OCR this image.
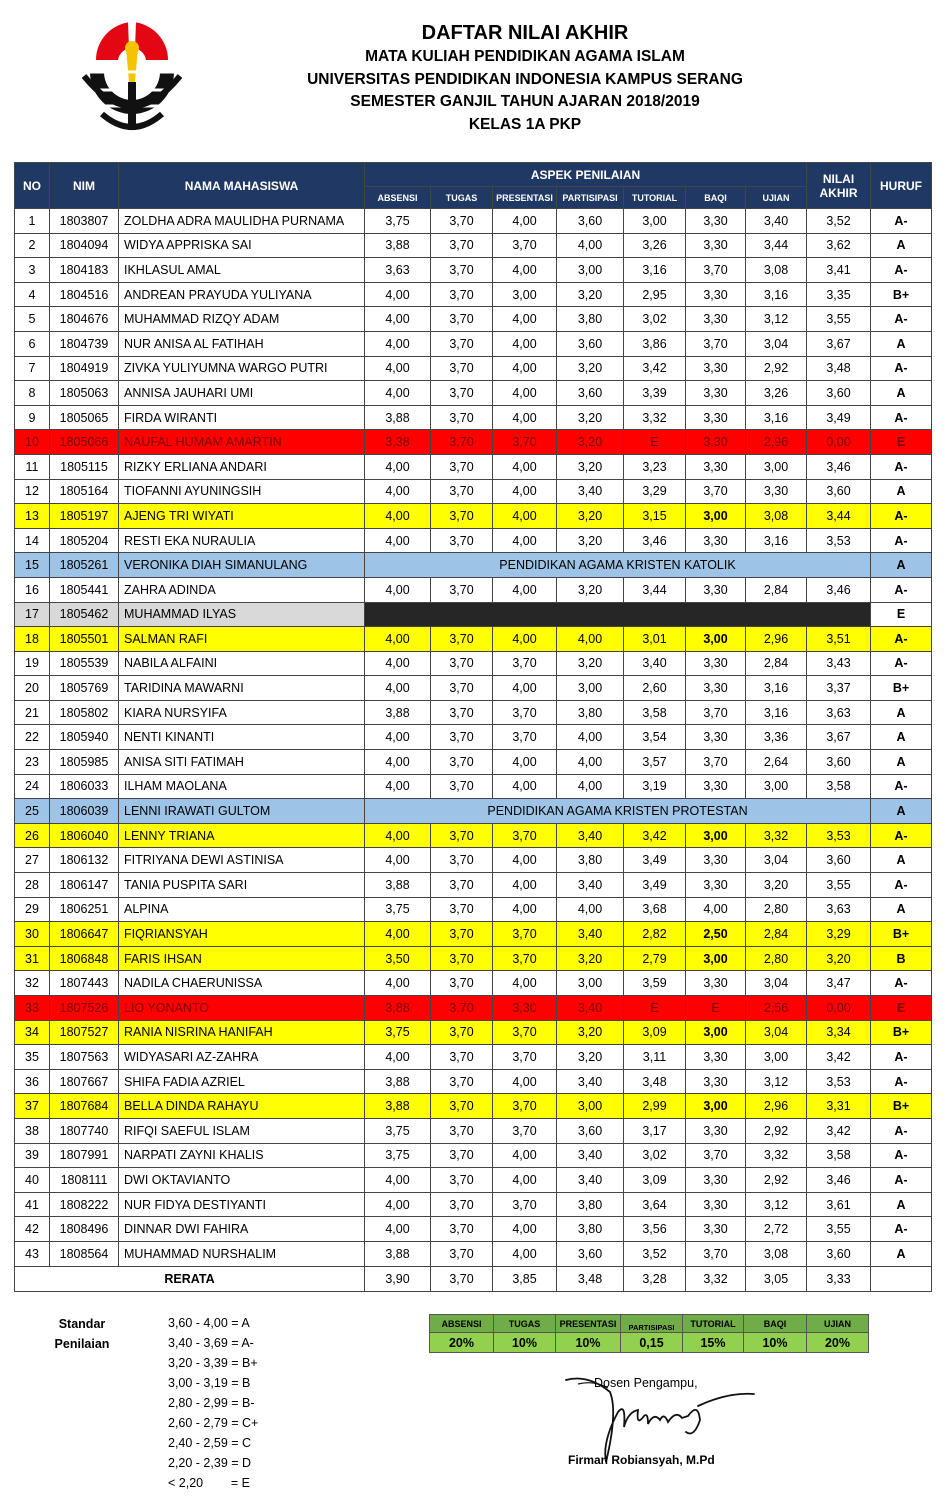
DAFTAR NILAI AKHIR
MATA KULIAH PENDIDIKAN AGAMA ISLAM
UNIVERSITAS PENDIDIKAN INDONESIA KAMPUS SERANG
SEMESTER GANJIL TAHUN AJARAN 2018/2019
KELAS 1A PKP
NO	NIM	NAMA MAHASISWA	ASPEK PENILAIAN							NILAI AKHIR	HURUF
			ABSENSI	TUGAS	PRESENTASI	PARTISIPASI	TUTORIAL	BAQI	UJIAN		
1	1803807	ZOLDHA ADRA MAULIDHA PURNAMA	3,75	3,70	4,00	3,60	3,00	3,30	3,40	3,52	A-
2	1804094	WIDYA APPRISKA SAI	3,88	3,70	3,70	4,00	3,26	3,30	3,44	3,62	A
3	1804183	IKHLASUL AMAL	3,63	3,70	4,00	3,00	3,16	3,70	3,08	3,41	A-
4	1804516	ANDREAN PRAYUDA YULIYANA	4,00	3,70	3,00	3,20	2,95	3,30	3,16	3,35	B+
5	1804676	MUHAMMAD RIZQY ADAM	4,00	3,70	4,00	3,80	3,02	3,30	3,12	3,55	A-
6	1804739	NUR ANISA AL FATIHAH	4,00	3,70	4,00	3,60	3,86	3,70	3,04	3,67	A
7	1804919	ZIVKA YULIYUMNA WARGO PUTRI	4,00	3,70	4,00	3,20	3,42	3,30	2,92	3,48	A-
8	1805063	ANNISA JAUHARI UMI	4,00	3,70	4,00	3,60	3,39	3,30	3,26	3,60	A
9	1805065	FIRDA WIRANTI	3,88	3,70	4,00	3,20	3,32	3,30	3,16	3,49	A-
10	1805066	NAUFAL HUMAM AMARTIN	3,38	3,70	3,70	3,20	E	3,30	2,96	0,00	E
11	1805115	RIZKY ERLIANA ANDARI	4,00	3,70	4,00	3,20	3,23	3,30	3,00	3,46	A-
12	1805164	TIOFANNI AYUNINGSIH	4,00	3,70	4,00	3,40	3,29	3,70	3,30	3,60	A
13	1805197	AJENG TRI WIYATI	4,00	3,70	4,00	3,20	3,15	3,00	3,08	3,44	A-
14	1805204	RESTI EKA NURAULIA	4,00	3,70	4,00	3,20	3,46	3,30	3,16	3,53	A-
15	1805261	VERONIKA DIAH SIMANULANG	PENDIDIKAN AGAMA KRISTEN KATOLIK								A
16	1805441	ZAHRA ADINDA	4,00	3,70	4,00	3,20	3,44	3,30	2,84	3,46	A-
17	1805462	MUHAMMAD ILYAS									E
18	1805501	SALMAN RAFI	4,00	3,70	4,00	4,00	3,01	3,00	2,96	3,51	A-
19	1805539	NABILA ALFAINI	4,00	3,70	3,70	3,20	3,40	3,30	2,84	3,43	A-
20	1805769	TARIDINA MAWARNI	4,00	3,70	4,00	3,00	2,60	3,30	3,16	3,37	B+
21	1805802	KIARA NURSYIFA	3,88	3,70	3,70	3,80	3,58	3,70	3,16	3,63	A
22	1805940	NENTI KINANTI	4,00	3,70	3,70	4,00	3,54	3,30	3,36	3,67	A
23	1805985	ANISA SITI FATIMAH	4,00	3,70	4,00	4,00	3,57	3,70	2,64	3,60	A
24	1806033	ILHAM MAOLANA	4,00	3,70	4,00	4,00	3,19	3,30	3,00	3,58	A-
25	1806039	LENNI IRAWATI GULTOM	PENDIDIKAN AGAMA KRISTEN PROTESTAN								A
26	1806040	LENNY TRIANA	4,00	3,70	3,70	3,40	3,42	3,00	3,32	3,53	A-
27	1806132	FITRIYANA DEWI ASTINISA	4,00	3,70	4,00	3,80	3,49	3,30	3,04	3,60	A
28	1806147	TANIA PUSPITA SARI	3,88	3,70	4,00	3,40	3,49	3,30	3,20	3,55	A-
29	1806251	ALPINA	3,75	3,70	4,00	4,00	3,68	4,00	2,80	3,63	A
30	1806647	FIQRIANSYAH	4,00	3,70	3,70	3,40	2,82	2,50	2,84	3,29	B+
31	1806848	FARIS IHSAN	3,50	3,70	3,70	3,20	2,79	3,00	2,80	3,20	B
32	1807443	NADILA CHAERUNISSA	4,00	3,70	4,00	3,00	3,59	3,30	3,04	3,47	A-
33	1807526	LIO YONANTO	3,88	3,70	3,30	3,40	E	E	2,56	0,00	E
34	1807527	RANIA NISRINA HANIFAH	3,75	3,70	3,70	3,20	3,09	3,00	3,04	3,34	B+
35	1807563	WIDYASARI AZ-ZAHRA	4,00	3,70	3,70	3,20	3,11	3,30	3,00	3,42	A-
36	1807667	SHIFA FADIA AZRIEL	3,88	3,70	4,00	3,40	3,48	3,30	3,12	3,53	A-
37	1807684	BELLA DINDA RAHAYU	3,88	3,70	3,70	3,00	2,99	3,00	2,96	3,31	B+
38	1807740	RIFQI SAEFUL ISLAM	3,75	3,70	3,70	3,60	3,17	3,30	2,92	3,42	A-
39	1807991	NARPATI ZAYNI KHALIS	3,75	3,70	4,00	3,40	3,02	3,70	3,32	3,58	A-
40	1808111	DWI OKTAVIANTO	4,00	3,70	4,00	3,40	3,09	3,30	2,92	3,46	A-
41	1808222	NUR FIDYA DESTIYANTI	4,00	3,70	3,70	3,80	3,64	3,30	3,12	3,61	A
42	1808496	DINNAR DWI FAHIRA	4,00	3,70	4,00	3,80	3,56	3,30	2,72	3,55	A-
43	1808564	MUHAMMAD NURSHALIM	3,88	3,70	4,00	3,60	3,52	3,70	3,08	3,60	A
RERATA			3,90	3,70	3,85	3,48	3,28	3,32	3,05	3,33	
Standar
Penilaian
3,60 - 4,00 = A
3,40 - 3,69 = A-
3,20 - 3,39 = B+
3,00 - 3,19 = B
2,80 - 2,99 = B-
2,60 - 2,79 = C+
2,40 - 2,59 = C
2,20 - 2,39 = D
< 2,20        = E
ABSENSI	TUGAS	PRESENTASI	PARTISIPASI	TUTORIAL	BAQI	UJIAN
20%	10%	10%	0,15	15%	10%	20%
Dosen Pengampu,
Firman Robiansyah, M.Pd
